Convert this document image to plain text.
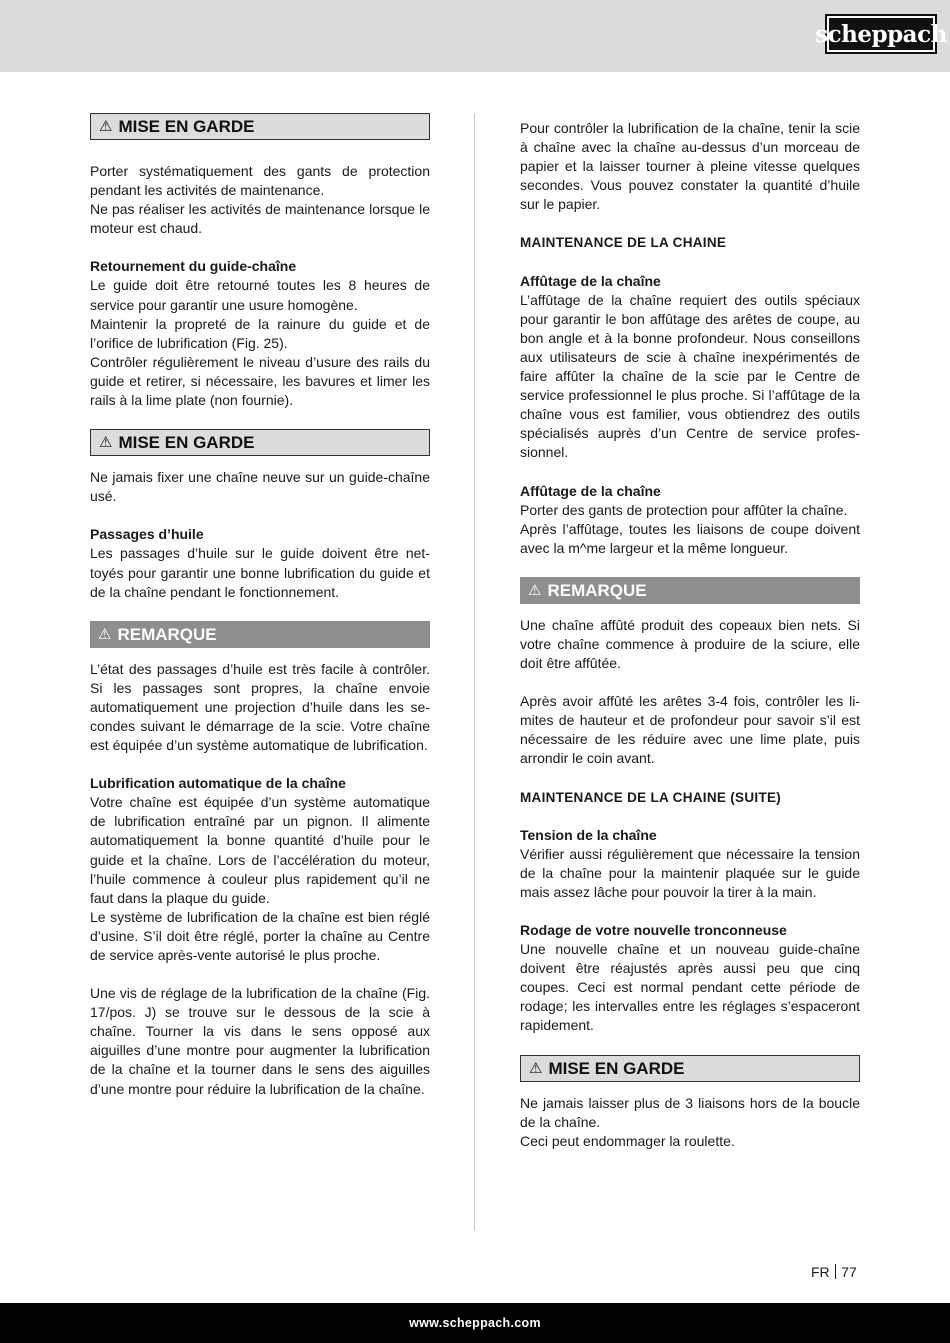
scheppach
⚠ MISE EN GARDE

Porter systématiquement des gants de protection pendant les activités de maintenance.

Ne pas réaliser les activités de maintenance lorsque le moteur est chaud.

Retournement du guide-chaîne

Le guide doit être retourné toutes les 8 heures de service pour garantir une usure homogène.

Maintenir la propreté de la rainure du guide et de l’orifice de lubrification (Fig. 25).

Contrôler régulièrement le niveau d’usure des rails du guide et retirer, si nécessaire, les bavures et limer les rails à la lime plate (non fournie).

⚠ MISE EN GARDE

Ne jamais fixer une chaîne neuve sur un guide-chaîne usé.

Passages d’huile

Les passages d’huile sur le guide doivent être nettoyés pour garantir une bonne lubrification du guide et de la chaîne pendant le fonctionnement.

⚠ REMARQUE

L’état des passages d’huile est très facile à contrôler. Si les passages sont propres, la chaîne envoie automatiquement une projection d’huile dans les secondes suivant le démarrage de la scie. Votre chaîne est équipée d’un système automatique de lubrification.

Lubrification automatique de la chaîne

Votre chaîne est équipée d’un système automatique de lubrification entraîné par un pignon. Il alimente automatiquement la bonne quantité d’huile pour le guide et la chaîne. Lors de l’accélération du moteur, l’huile commence à couleur plus rapidement qu’il ne faut dans la plaque du guide.

Le système de lubrification de la chaîne est bien réglé d’usine. S’il doit être réglé, porter la chaîne au Centre de service après-vente autorisé le plus proche.

Une vis de réglage de la lubrification de la chaîne (Fig. 17/pos. J) se trouve sur le dessous de la scie à chaîne. Tourner la vis dans le sens opposé aux aiguilles d’une montre pour augmenter la lubrification de la chaîne et la tourner dans le sens des aiguilles d’une montre pour réduire la lubrification de la chaîne.

Pour contrôler la lubrification de la chaîne, tenir la scie à chaîne avec la chaîne au-dessus d’un morceau de papier et la laisser tourner à pleine vitesse quelques secondes. Vous pouvez constater la quantité d’huile sur le papier.

MAINTENANCE DE LA CHAINE

Affûtage de la chaîne

L’affûtage de la chaîne requiert des outils spéciaux pour garantir le bon affûtage des arêtes de coupe, au bon angle et à la bonne profondeur. Nous conseillons aux utilisateurs de scie à chaîne inexpérimentés de faire affûter la chaîne de la scie par le Centre de service professionnel le plus proche. Si l’affûtage de la chaîne vous est familier, vous obtiendrez des outils spécialisés auprès d’un Centre de service professionnel.

Affûtage de la chaîne

Porter des gants de protection pour affûter la chaîne.

Après l’affûtage, toutes les liaisons de coupe doivent avec la m^me largeur et la même longueur.

⚠ REMARQUE

Une chaîne affûté produit des copeaux bien nets. Si votre chaîne commence à produire de la sciure, elle doit être affûtée.

Après avoir affûté les arêtes 3-4 fois, contrôler les limites de hauteur et de profondeur pour savoir s’il est nécessaire de les réduire avec une lime plate, puis arrondir le coin avant.

MAINTENANCE DE LA CHAINE (SUITE)

Tension de la chaîne

Vérifier aussi régulièrement que nécessaire la tension de la chaîne pour la maintenir plaquée sur le guide mais assez lâche pour pouvoir la tirer à la main.

Rodage de votre nouvelle tronconneuse

Une nouvelle chaîne et un nouveau guide-chaîne doivent être réajustés après aussi peu que cinq coupes. Ceci est normal pendant cette période de rodage; les intervalles entre les réglages s’espaceront rapidement.

⚠ MISE EN GARDE

Ne jamais laisser plus de 3 liaisons hors de la boucle de la chaîne.

Ceci peut endommager la roulette.

FR 77
www.scheppach.com
